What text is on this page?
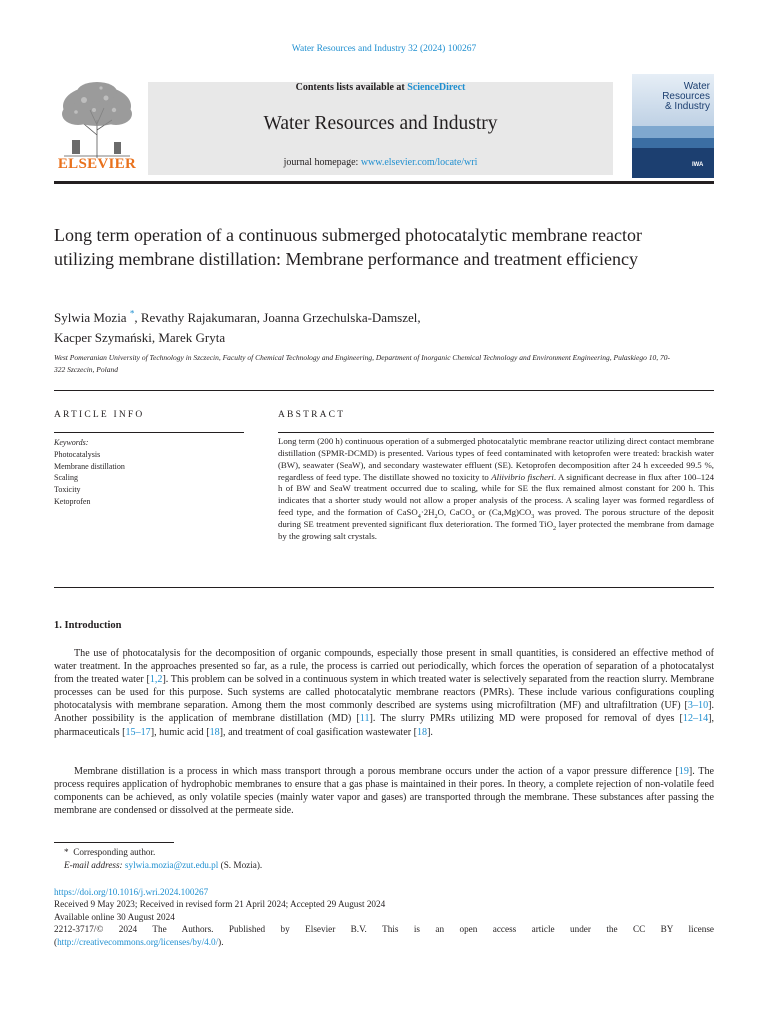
Water Resources and Industry 32 (2024) 100267
ELSEVIER
Contents lists available at ScienceDirect
Water Resources and Industry
journal homepage: www.elsevier.com/locate/wri
Water Resources & Industry
IWA
Long term operation of a continuous submerged photocatalytic membrane reactor utilizing membrane distillation: Membrane performance and treatment efficiency
Sylwia Mozia *, Revathy Rajakumaran, Joanna Grzechulska-Damszel,
Kacper Szymański, Marek Gryta
West Pomeranian University of Technology in Szczecin, Faculty of Chemical Technology and Engineering, Department of Inorganic Chemical Technology and Environment Engineering, Pulaskiego 10, 70-322 Szczecin, Poland
ARTICLE INFO	ABSTRACT
Keywords:
Photocatalysis
Membrane distillation
Scaling
Toxicity
Ketoprofen
Long term (200 h) continuous operation of a submerged photocatalytic membrane reactor utilizing direct contact membrane distillation (SPMR-DCMD) is presented. Various types of feed contaminated with ketoprofen were treated: brackish water (BW), seawater (SeaW), and secondary wastewater effluent (SE). Ketoprofen decomposition after 24 h exceeded 99.5 %, regardless of feed type. The distillate showed no toxicity to Aliivibrio fischeri. A significant decrease in flux after 100–124 h of BW and SeaW treatment occurred due to scaling, while for SE the flux remained almost constant for 200 h. This indicates that a shorter study would not allow a proper analysis of the process. A scaling layer was formed regardless of feed type, and the formation of $CaSO_4\cdot 2H_2O$, CaCO$_3$ or $(Ca,Mg)CO_3$ was proved. The porous structure of the deposit during SE treatment prevented significant flux deterioration. The formed TiO$_2$ layer protected the membrane from damage by the growing salt crystals.
1. Introduction
The use of photocatalysis for the decomposition of organic compounds, especially those present in small quantities, is considered an effective method of water treatment. In the approaches presented so far, as a rule, the process is carried out periodically, which forces the operation of separation of a photocatalyst from the treated water [1,2]. This problem can be solved in a continuous system in which treated water is selectively separated from the reaction slurry. Membrane processes can be used for this purpose. Such systems are called photocatalytic membrane reactors (PMRs). These include various configurations coupling photocatalysis with membrane separation. Among them the most commonly described are systems using microfiltration (MF) and ultrafiltration (UF) [3–10]. Another possibility is the application of membrane distillation (MD) [11]. The slurry PMRs utilizing MD were proposed for removal of dyes [12–14], pharmaceuticals [15–17], humic acid [18], and treatment of coal gasification wastewater [18].
Membrane distillation is a process in which mass transport through a porous membrane occurs under the action of a vapor pressure difference [19]. The process requires application of hydrophobic membranes to ensure that a gas phase is maintained in their pores. In theory, a complete rejection of non-volatile feed components can be achieved, as only volatile species (mainly water vapor and gases) are transported through the membrane. These substances after passing the membrane are condensed or dissolved at the permeate side.
* Corresponding author.
E-mail address: sylwia.mozia@zut.edu.pl (S. Mozia).
https://doi.org/10.1016/j.wri.2024.100267
Received 9 May 2023; Received in revised form 21 April 2024; Accepted 29 August 2024
Available online 30 August 2024
2212-3717/© 2024 The Authors. Published by Elsevier B.V. This is an open access article under the CC BY license
(http://creativecommons.org/licenses/by/4.0/).
